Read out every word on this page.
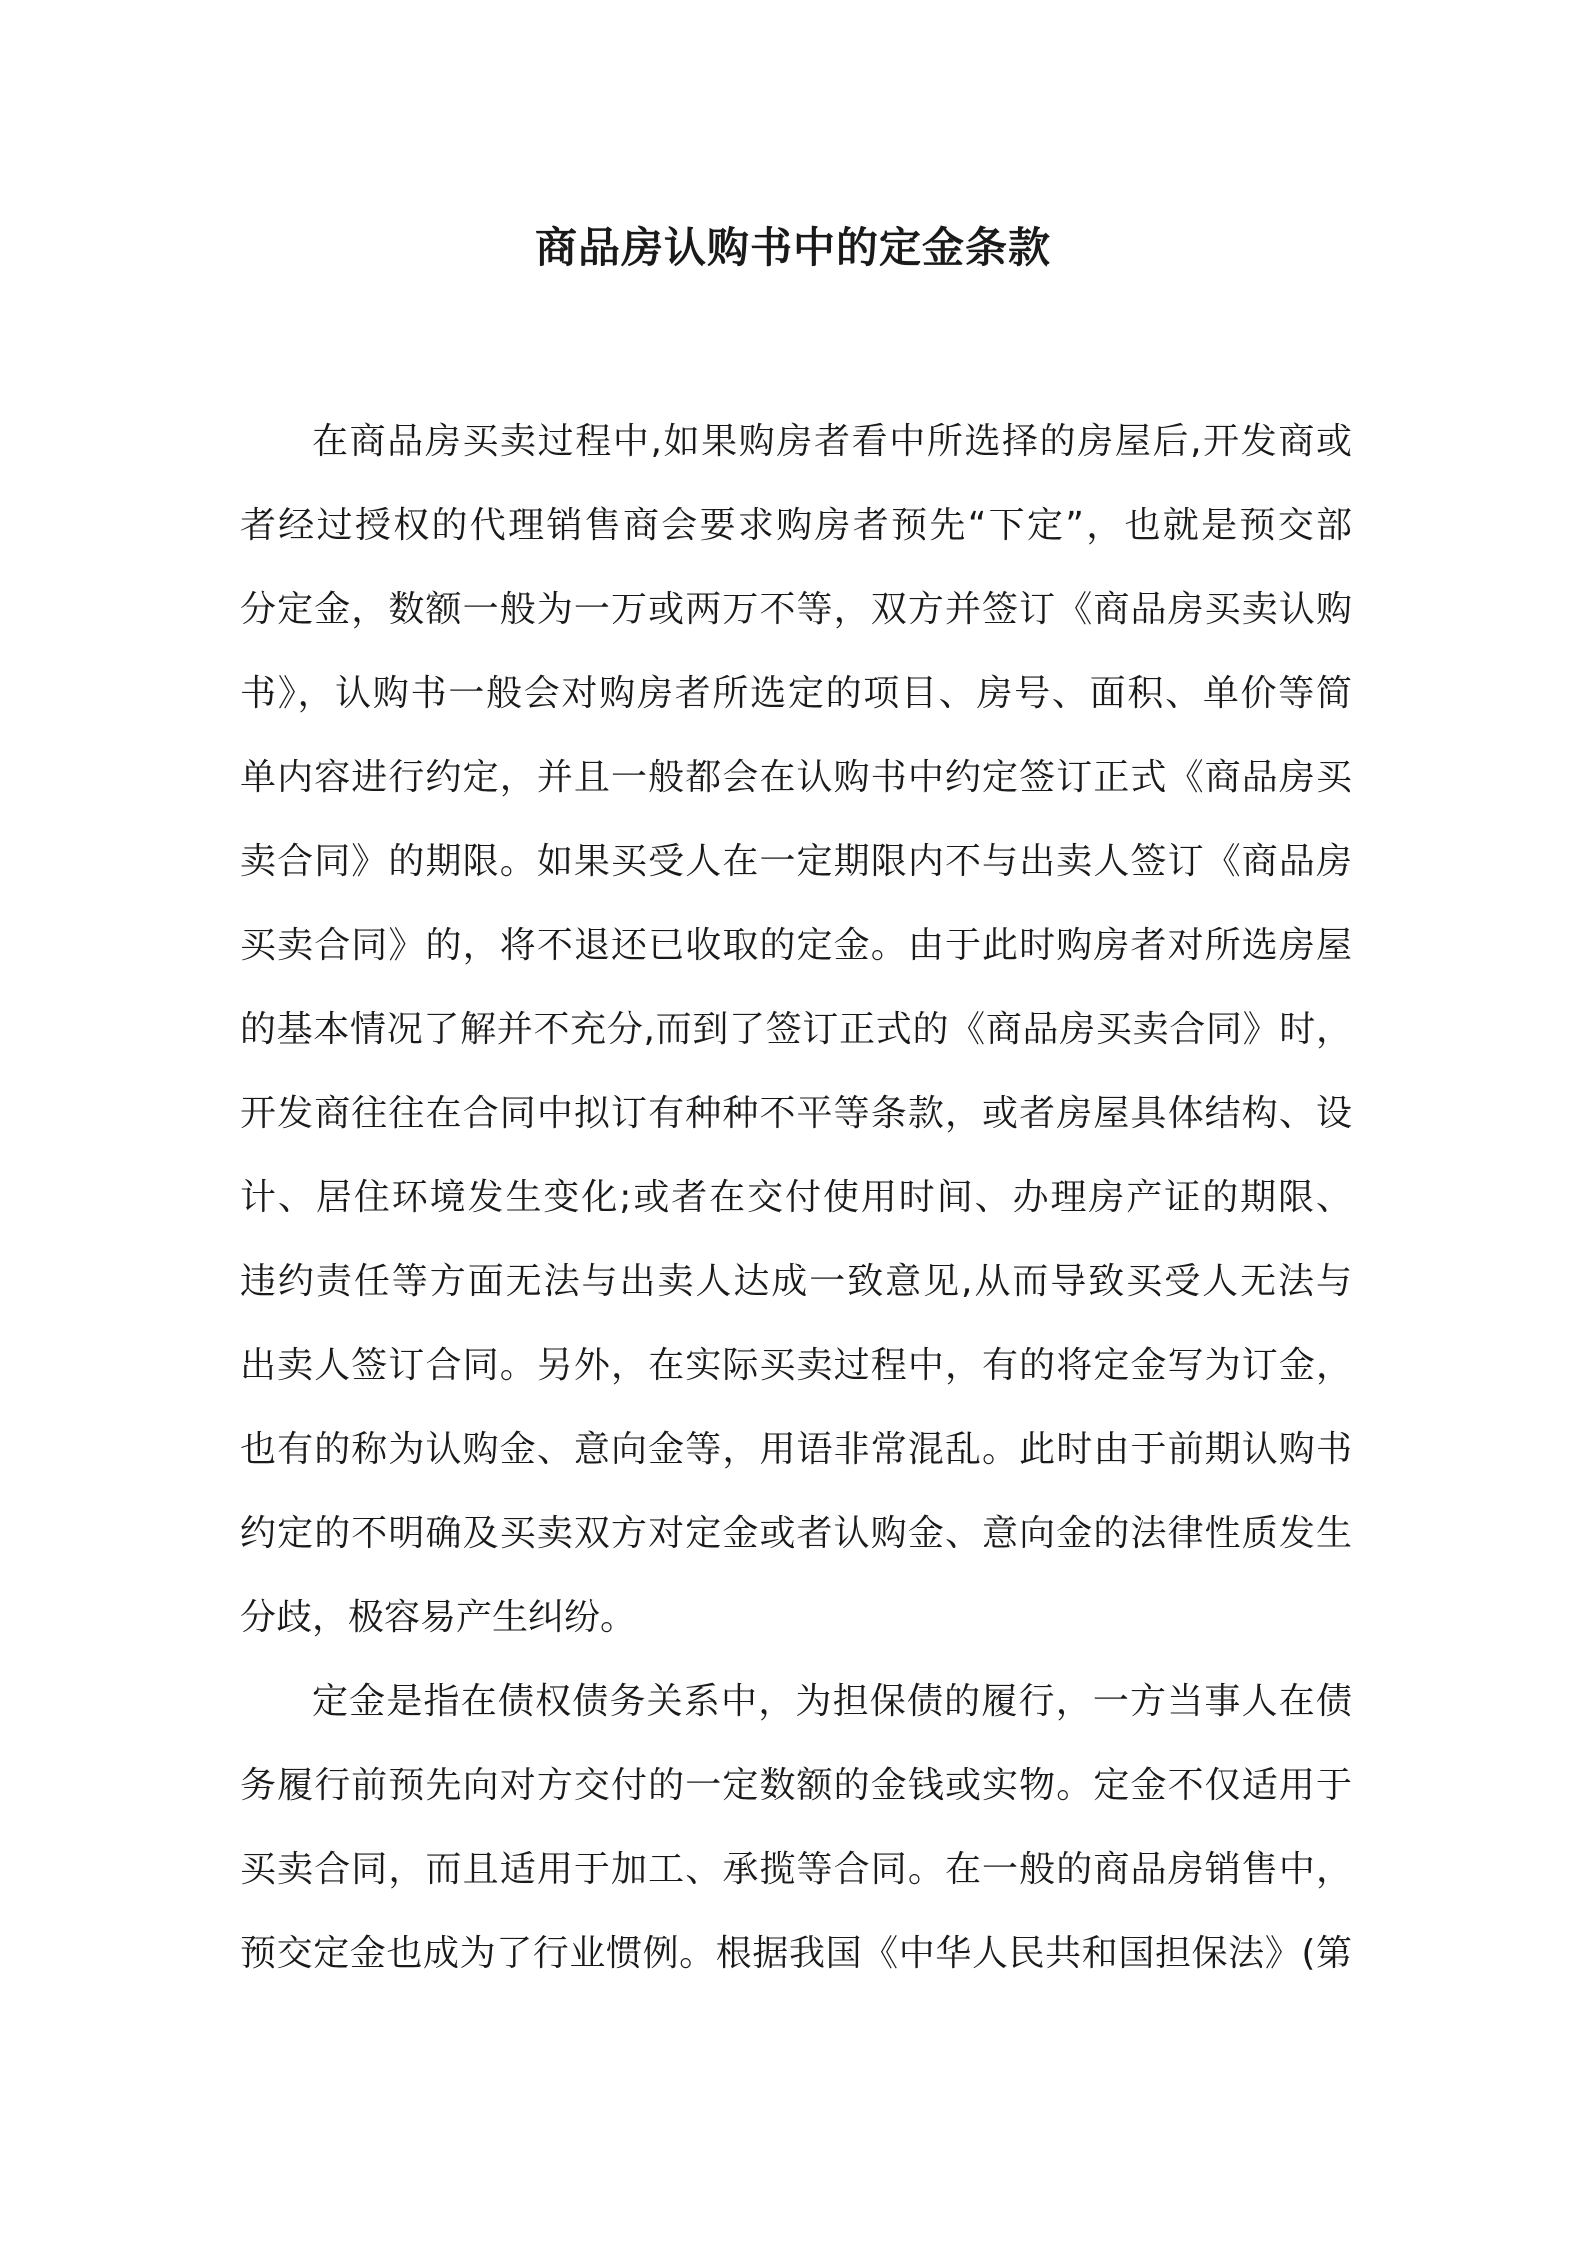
商品房认购书中的定金条款
在商品房买卖过程中,如果购房者看中所选择的房屋后,开发商或
者经过授权的代理销售商会要求购房者预先“下定”，也就是预交部
分定金，数额一般为一万或两万不等，双方并签订《商品房买卖认购
书》，认购书一般会对购房者所选定的项目、房号、面积、单价等简
单内容进行约定，并且一般都会在认购书中约定签订正式《商品房买
卖合同》的期限。如果买受人在一定期限内不与出卖人签订《商品房
买卖合同》的，将不退还已收取的定金。由于此时购房者对所选房屋
的基本情况了解并不充分,而到了签订正式的《商品房买卖合同》时，
开发商往往在合同中拟订有种种不平等条款，或者房屋具体结构、设
计、居住环境发生变化;或者在交付使用时间、办理房产证的期限、
违约责任等方面无法与出卖人达成一致意见,从而导致买受人无法与
出卖人签订合同。另外，在实际买卖过程中，有的将定金写为订金，
也有的称为认购金、意向金等，用语非常混乱。此时由于前期认购书
约定的不明确及买卖双方对定金或者认购金、意向金的法律性质发生
分歧，极容易产生纠纷。
定金是指在债权债务关系中，为担保债的履行，一方当事人在债
务履行前预先向对方交付的一定数额的金钱或实物。定金不仅适用于
买卖合同，而且适用于加工、承揽等合同。在一般的商品房销售中，
预交定金也成为了行业惯例。根据我国《中华人民共和国担保法》(第
